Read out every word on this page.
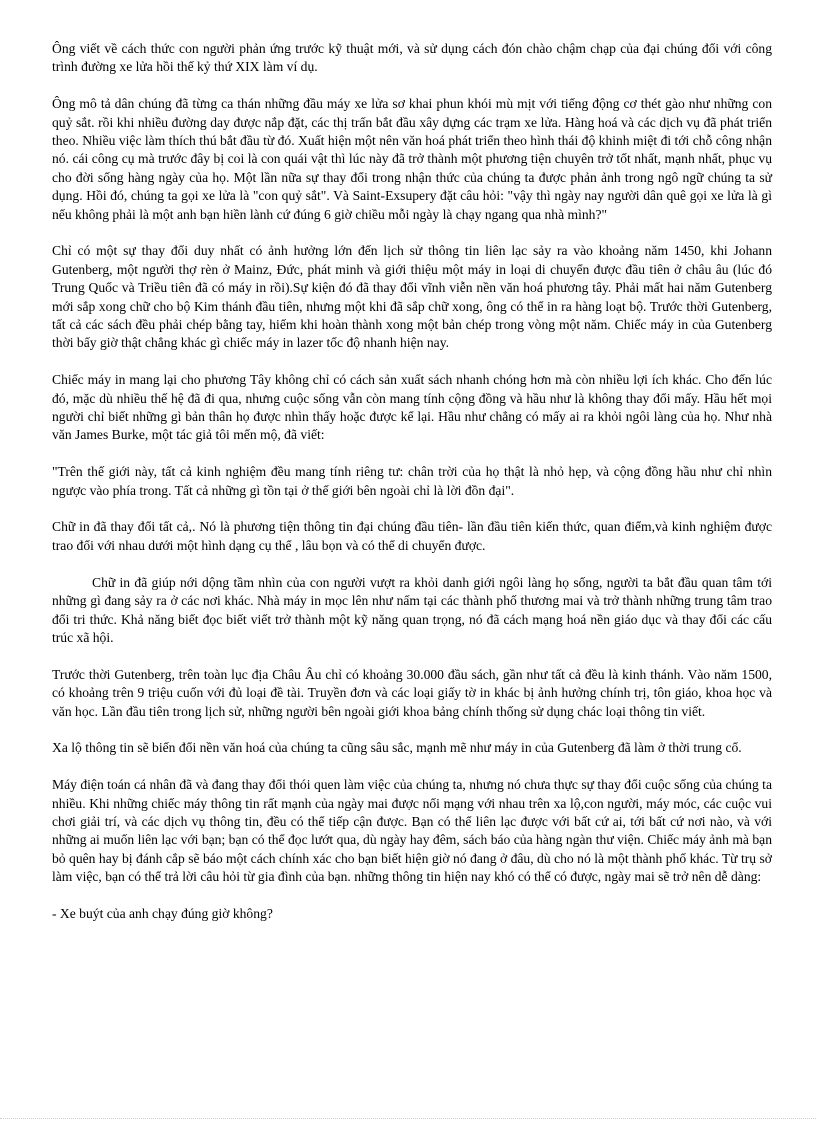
Ông viết về cách thức con người phản ứng trước kỹ thuật mới, và sử dụng cách đón chào chậm chạp của đại chúng đối với công trình đường xe lửa hồi thế kỷ thứ XIX làm ví dụ.

Ông mô tả dân chúng đã từng ca thán những đầu máy xe lửa sơ khai phun khói mù mịt với tiếng động cơ thét gào như những con quỷ sắt. rồi khi nhiều đường day được nắp đặt, các thị trấn bắt đầu xây dựng các trạm xe lửa. Hàng hoá và các dịch vụ đã phát triển theo. Nhiều việc làm thích thú bắt đầu từ đó. Xuất hiện một nên văn hoá phát triển theo hình thái độ khinh miệt đi tới chỗ công nhận nó. cái công cụ mà trước đây bị coi là con quái vật thì lúc này đã trở thành một phương tiện chuyên trở tốt nhất, mạnh nhất, phục vụ cho đời sống hàng ngày của họ. Một lần nữa sự thay đổi trong nhận thức của chúng ta được phản ảnh trong ngô ngữ chúng ta sử dụng. Hồi đó, chúng ta gọi xe lửa là "con quỷ sắt". Và Saint-Exsupery đặt câu hỏi: "vậy thì ngày nay người dân quê gọi xe lửa là gì nếu không phải là một anh bạn hiền lành cứ đúng 6 giờ chiều mỗi ngày là chạy ngang qua nhà mình?"

Chỉ có một sự thay đổi duy nhất có ảnh hưởng lớn đến lịch sử thông tin liên lạc sảy ra vào khoảng năm 1450, khi Johann Gutenberg, một người thợ rèn ở Mainz, Đức, phát minh và giới thiệu một máy in loại di chuyển được đầu tiên ở châu âu (lúc đó Trung Quốc và Triều tiên đã có máy in rồi).Sự kiện đó đã thay đổi vĩnh viễn nền văn hoá phương tây. Phải mất hai năm Gutenberg mới sắp xong chữ cho bộ Kim thánh đầu tiên, nhưng một khi đã sắp chữ xong, ông có thể in ra hàng loạt bộ. Trước thời Gutenberg, tất cả các sách đều phải chép bằng tay, hiếm khi hoàn thành xong một bản chép trong vòng một năm. Chiếc máy in của Gutenberg thời bấy giờ thật chẳng khác gì chiếc máy in lazer tốc độ nhanh hiện nay.

Chiếc máy in mang lại cho phương Tây không chỉ có cách sản xuất sách nhanh chóng hơn mà còn nhiều lợi ích khác. Cho đến lúc đó, mặc dù nhiều thế hệ đã đi qua, nhưng cuộc sống vẫn còn mang tính cộng đồng và hầu như là không thay đổi mấy. Hầu hết mọi người chỉ biết những gì bản thân họ được nhìn thấy hoặc được kể lại. Hầu như chẳng có mấy ai ra khỏi ngôi làng của họ. Như nhà văn James Burke, một tác giả tôi mến mộ, đã viết:

"Trên thế giới này, tất cả kinh nghiệm đều mang tính riêng tư: chân trời của họ thật là nhỏ hẹp, và cộng đồng hầu như chỉ nhìn ngược vào phía trong. Tất cả những gì tồn tại ở thế giới bên ngoài chỉ là lời đồn đại".

Chữ in đã thay đổi tất cả,. Nó là phương tiện thông tin đại chúng đầu tiên- lần đầu tiên kiến thức, quan điểm,và kinh nghiệm được trao đổi với nhau dưới một hình dạng cụ thể , lâu bọn và có thể di chuyển được.

Chữ in đã giúp nới dộng tầm nhìn của con người vượt ra khỏi danh giới ngôi làng họ sống, người ta bắt đầu quan tâm tới những gì đang sảy ra ở các nơi khác. Nhà máy in mọc lên như nấm tại các thành phố thương mai và trở thành những trung tâm trao đổi tri thức. Khả năng biết đọc biết viết trở thành một kỹ năng quan trọng, nó đã cách mạng hoá nền giáo dục và thay đổi các cấu trúc xã hội.

Trước thời Gutenberg, trên toàn lục địa Châu Âu chỉ có khoảng 30.000 đầu sách, gần như tất cả đều là kinh thánh. Vào năm 1500, có khoảng trên 9 triệu cuốn với đủ loại đề tài. Truyền đơn và các loại giấy tờ in khác bị ảnh hưởng chính trị, tôn giáo, khoa học và văn học. Lần đầu tiên trong lịch sử, những người bên ngoài giới khoa bảng chính thống sử dụng chác loại thông tin viết.

Xa lộ thông tin sẽ biến đổi nền văn hoá của chúng ta cũng sâu sắc, mạnh mẽ như máy in của Gutenberg đã làm ở thời trung cổ.

Máy điện toán cá nhân đã và đang thay đổi thói quen làm việc của chúng ta, nhưng nó chưa thực sự thay đổi cuộc sống của chúng ta nhiều. Khi những chiếc máy thông tin rất mạnh của ngày mai được nối mạng với nhau trên xa lộ,con người, máy móc, các cuộc vui chơi giải trí, và các dịch vụ thông tin, đều có thể tiếp cận được. Bạn có thể liên lạc được với bất cứ ai, tới bất cứ nơi nào, và với những ai muốn liên lạc với bạn; bạn có thể đọc lướt qua, dù ngày hay đêm, sách báo của hàng ngàn thư viện. Chiếc máy ảnh mà bạn bỏ quên hay bị đánh cắp sẽ báo một cách chính xác cho bạn biết hiện giờ nó đang ở đâu, dù cho nó là một thành phố khác. Từ trụ sở làm việc, bạn có thể trả lời câu hỏi từ gia đình của bạn. những thông tin hiện nay khó có thể có được, ngày mai sẽ trở nên dễ dàng:

- Xe buýt của anh chạy đúng giờ không?
